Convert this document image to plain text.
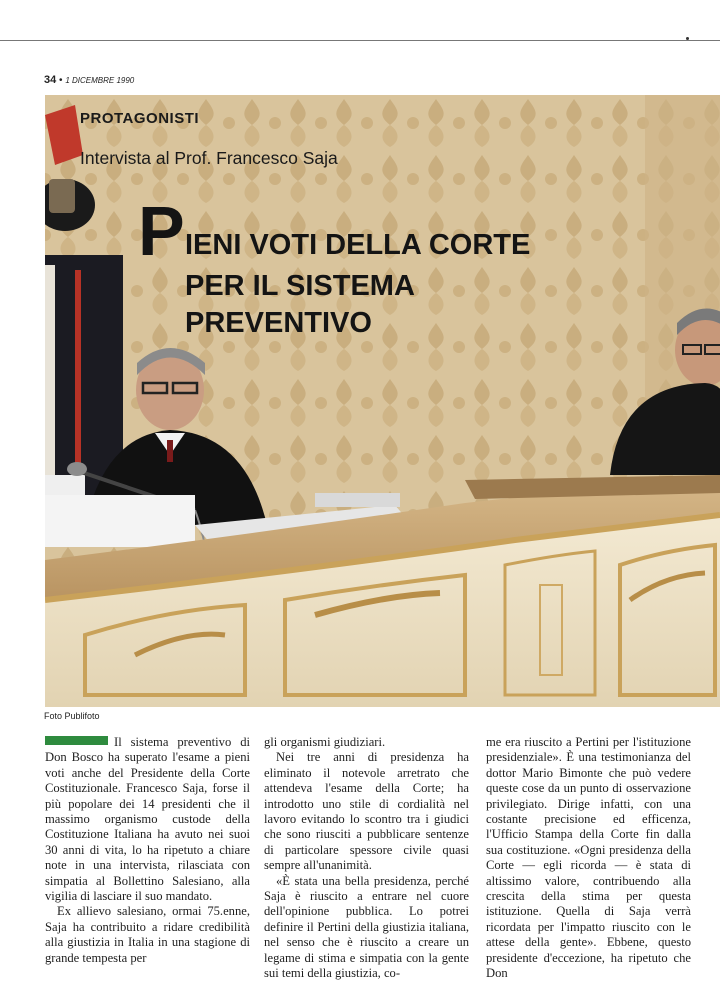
34 • 1 DICEMBRE 1990
PROTAGONISTI
Intervista al Prof. Francesco Saja
P IENI VOTI DELLA CORTE
PER IL SISTEMA
PREVENTIVO
Foto Publifoto

Il sistema preventivo di Don Bosco ha superato l'esame a pieni voti anche del Presidente della Corte Costituzionale. Francesco Saja, forse il più popolare dei 14 presidenti che il massimo organismo custode della Costituzione Italiana ha avuto nei suoi 30 anni di vita, lo ha ripetuto a chiare note in una intervista, rilasciata con simpatia al Bollettino Salesiano, alla vigilia di lasciare il suo mandato.

Ex allievo salesiano, ormai 75.enne, Saja ha contribuito a ridare credibilità alla giustizia in Italia in una stagione di grande tempesta per

gli organismi giudiziari.

Nei tre anni di presidenza ha eliminato il notevole arretrato che attendeva l'esame della Corte; ha introdotto uno stile di cordialità nel lavoro evitando lo scontro tra i giudici che sono riusciti a pubblicare sentenze di particolare spessore civile quasi sempre all'unanimità.

«È stata una bella presidenza, perché Saja è riuscito a entrare nel cuore dell'opinione pubblica. Lo potrei definire il Pertini della giustizia italiana, nel senso che è riuscito a creare un legame di stima e simpatia con la gente sui temi della giustizia, co-

me era riuscito a Pertini per l'istituzione presidenziale». È una testimonianza del dottor Mario Bimonte che può vedere queste cose da un punto di osservazione privilegiato. Dirige infatti, con una costante precisione ed efficenza, l'Ufficio Stampa della Corte fin dalla sua costituzione. «Ogni presidenza della Corte — egli ricorda — è stata di altissimo valore, contribuendo alla crescita della stima per questa istituzione. Quella di Saja verrà ricordata per l'impatto riuscito con le attese della gente». Ebbene, questo presidente d'eccezione, ha ripetuto che Don
